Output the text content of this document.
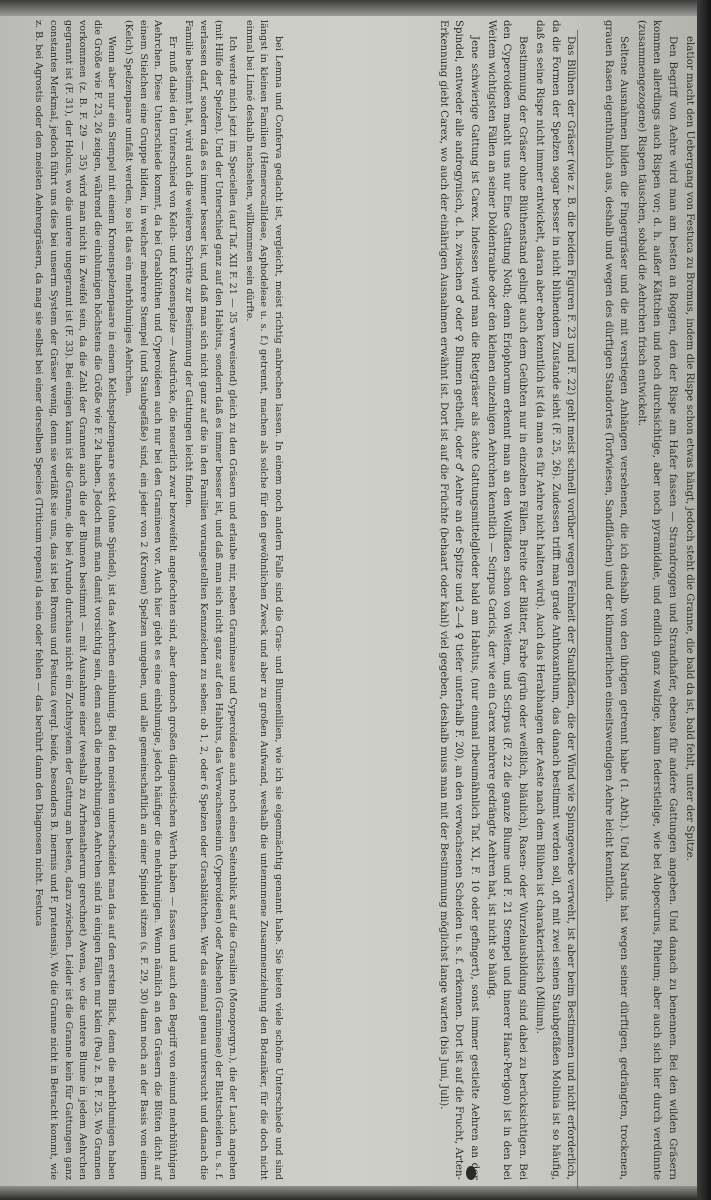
elatior macht den Uebergang von Festuca zu Bromus, indem die Rispe schon etwas hängt, jedoch steht die Granne, die bald da ist, bald fehlt, unter der Spitze.

Den Begriff von Aehre wird man am besten an Roggen, den der Rispe am Hafer fassen — Strandroggen und Strandhafer, ebenso für andere Gattungen angeben. Und danach zu benennen. Bei den wilden Gräsern kommen allerdings auch Rispen vor; d. h. außer Kättchen und noch durchsichtige, aber noch pyramidale, und endlich ganz walzige, kaum federstielige, wie bei Alopecurus, Phleum; aber auch sich hier durch verdünnte (zusammengezogene) Rispen täuschen, sobald die Aehrchen frisch entwickelt.

Seltene Ausnahmen bilden die Fingergräser und die mit verstiegen Anhängen versehenen, die ich deshalb von den übrigen getrennt habe (1. Abth.). Und Nardus hat wegen seiner dürftigen, gedrängten, trockenen, grauen Rasen eigenthümlich aus, deshalb und wegen des dürftigen Standortes (Torfwiesen, Sandflächen) und der kümmerlichen einseitswendigen Aehre leicht kenntlich.

Das Blühen der Gräser (wie z. B. die beiden Figuren F. 23 und F. 22) geht meist schnell vorüber wegen Feinheit der Staubfäden, die der Wind wie Spinngewebe verweht, ist aber beim Bestimmen und nicht erforderlich, da die Formen der Spelzen sogar besser in nicht blühendem Zustande sieht (F. 25, 26). Zudessen trifft man grade Anthoxanthum, das danach bestimmt werden soll, oft mit zwei seinen Staubgefäßen Molinia ist so häufig, daß es seine Rispe nicht immer entwickelt, daran aber eben kenntlich ist (da man es für Aehre nicht halten wird). Auch das Herabhangen der Aeste nach dem Blühen ist charakteristisch (Milium).

Bestimmung der Gräser ohne Blüthenstand gelingt auch dem Geübten nur in einzelnen Fällen. Breite der Blätter, Farbe (grün oder weißlich, bläulich), Rasen- oder Wurzelausbildung sind dabei zu berücksichtigen. Bei den Cyperoideen macht uns nur Eine Gattung Noth; denn Eriophorum erkennt man an den Wollfäden schon von Weitem, und Scirpus (F. 22 die ganze Blume und F. 21 Stempel und innerer Haar-Perigon) ist in den bei Weitem wichtigsten Fällen an seiner Doldentraube oder den kleinen einzelnigen Aehrchen kenntlich — Scirpus Caricis, der wie ein Carex mehrere gedrängte Aehren hat, ist nicht so häufig.

Jene schwierige Gattung ist Carex. Indessen wird man die Rietgräser als ächte Gattungsmittelglieder bald am Habitus, (nur einmal ribeumähnlich Taf. XI, F. 10 oder gefingert), sonst immer gestielte Aehren an der Spindel, entweder alle androgynisch, d. h. zwischen ♂ oder ♀ Blumen getheilt, oder ♂ Aehre an der Spitze und 2—4 ♀ tiefer unterhalb F. 20), an den verwachsenen Scheiden u. s. f. erkennen. Dort ist auf die Frucht, Arten-Erkennung giebt Carex, wo auch der einährigen Ausnahmen erwähnt ist. Dort ist auf die Früchte (behaart oder kahl) viel gegeben, deshalb muss man mit der Bestimmung möglichst lange warten (bis Juni, Juli).

bei Lemna und Conferva gedacht ist, vergleicht, meist richtig anbrechen lassen. In einem noch andern Falle sind die Gras- und Blumenlilien, wie ich sie eigenmächtig genannt habe. Sie bieten viele schöne Unterschiede und sind längst in kleinen Familien (Hemerocallideae, Asphodeleae u. s. f.) getrennt, machen als solche für den gewöhnlichen Zweck und aber zu großen Aufwand, weshalb die untenmmene Zusammenziehung den Botaniker, für die doch nicht einmal bei Linné deshalb nachsehen, willkommen sein dürfte.

Ich werde mich jetzt im Speciellen (auf Taf. XII F. 21 — 35 verweisend) gleich zu den Gräsern und erlaube mir, neben Gramineae und Cyperoideae auch noch einen Seitenblick auf die Grasilien (Monoporgyn.), die der Lauch angehen (mit Hilfe der Spelzen). Und der Unterschied ganz auf den Habitus, sondern daß es immer besser ist, und daß man sich nicht ganz auf den Habitus, das Verwachsenseinn (Cyperoideen) oder Absehen (Gramineae) der Blattscheiden u. s. f. verlassen darf, sondern daß es immer besser ist, und daß man sich nicht ganz auf die in den Familien vorangestellten Kennzeichen zu sehen: ob 1, 2, oder 6 Spelzen oder Grasblättchen. Wer das einmal genau untersucht und danach die Familie bestimmt hat, wird auch die weiteren Schritte zur Bestimmung der Gattungen leicht finden.

Er muß dabei den Unterschied von Kelch- und Kronenspelze — Ausdrücke, die neuerlich zwar bezweifelt angefochten sind, aber dennoch großen diagnostischen Werth haben — fassen und auch den Begriff von einund mehrblüthigen Aehrchen. Diese Unterschiede kommt, da bei Grasblüthen und Cyperoideen auch nur bei den Gramineen vor. Auch hier giebt es eine einblumige, jedoch häufiger die mehrblumigen. Wenn nämlich an den Gräsern die Blüten dicht auf einem Stielchen eine Gruppe bilden, in welcher mehrere Stempel (und Staubgefäße) sind, ein jeder von 2 (Kronen) Spelzen umgeben, und alle gemeinschaftlich an einer Spindel sitzen (s. F. 29, 30) dann noch an der Basis von einem (Kelch) Spelzenpaare umfaßt werden, so ist das ein mehrblumiges Aehrchen.

Wenn aber nur ein Stempel mit einem Kronenspelzenpaare in einem Kelchspelzenpaare steckt (ohne Spindel), ist das Aehrchen einblumig. Bei den meisten unterscheidet man das auf den ersten Blick, denn die mehrblumigen haben die Größe wie F. 23, 26 zeigen, während die einblumigen höchstens die Größe wie F. 24 haben. Jedoch muß man damit vorsichtig sein, denn auch die mehrblumigen Aehrchen sind in einigen Fällen nur klein (Poa) z. B. F. 25. Wo Grannen vorkommen (z. B. F. 29 — 35) wird man nicht in Zweifel sein, da die Zahl der Grannen auch die der Blumen bestimmt — mit Ausnahme einer (weshalb zu Arrhenatherum gerechnet) Avena, wo die untere Blume in jedem Aehrchen gegrannt ist (F. 31), der Holcus, wo die untere ungegrannt ist (F. 33). Bei einigen kann ist die Granne, die bei Arundo durchaus nicht ein Zuchtsystem der Gattung am besten, dazu zwischen. Leider ist die Granne kein für Gattungen ganz constantes Merkmal, jedoch führt uns dies bei unserm System der Gräser wenig, denn sie verläßt sie uns, das ist bei Bromus und Festuca (vergl. beide, besonders B. inermis und F. pratensis). Wo die Granne nicht in Betracht kommt, wie z. B. bei Agrostis oder den meisten Aehrengräsern, da mag sie selbst bei einer derselben Species (Triticum repens) da sein oder fehlen — das berührt dann den Diagnosen nicht. Festuca
